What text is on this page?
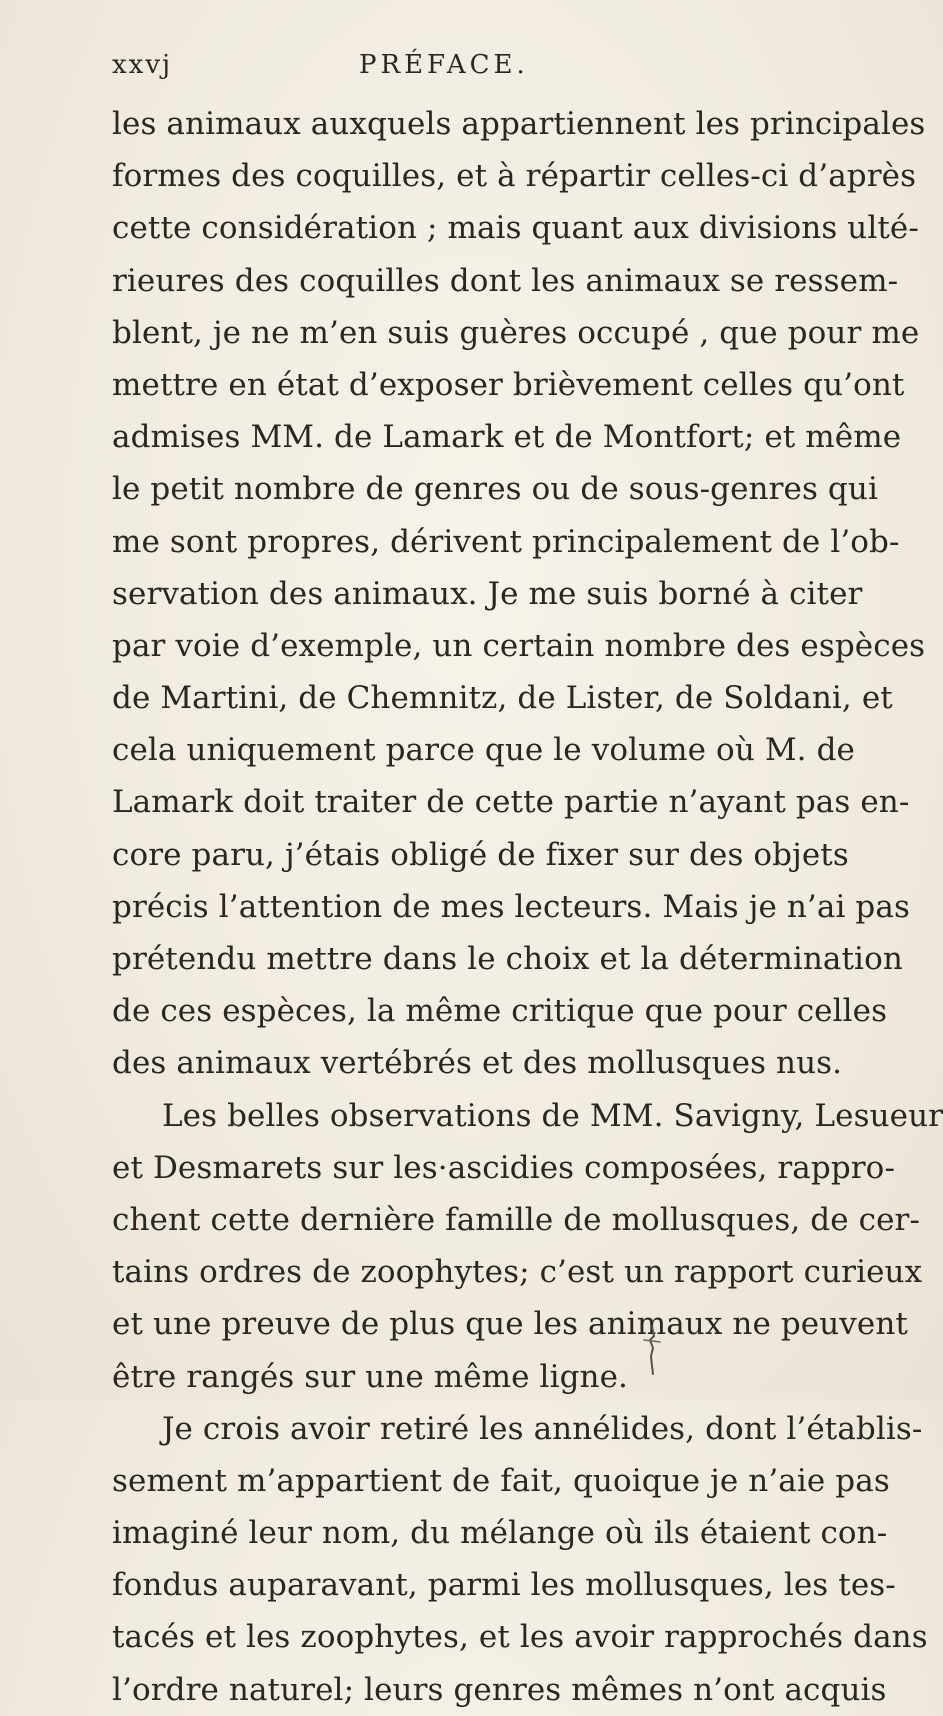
xxvj	PRÉFACE.
les animaux auxquels appartiennent les principales
formes des coquilles, et à répartir celles-ci d’après
cette considération ; mais quant aux divisions ulté-
rieures des coquilles dont les animaux se ressem-
blent, je ne m’en suis guères occupé , que pour me
mettre en état d’exposer brièvement celles qu’ont
admises MM. de Lamark et de Montfort; et même
le petit nombre de genres ou de sous-genres qui
me sont propres, dérivent principalement de l’ob-
servation des animaux. Je me suis borné à citer
par voie d’exemple, un certain nombre des espèces
de Martini, de Chemnitz, de Lister, de Soldani, et
cela uniquement parce que le volume où M. de
Lamark doit traiter de cette partie n’ayant pas en-
core paru, j’étais obligé de fixer sur des objets
précis l’attention de mes lecteurs. Mais je n’ai pas
prétendu mettre dans le choix et la détermination
de ces espèces, la même critique que pour celles
des animaux vertébrés et des mollusques nus.
Les belles observations de MM. Savigny, Lesueur
et Desmarets sur les·ascidies composées, rappro-
chent cette dernière famille de mollusques, de cer-
tains ordres de zoophytes; c’est un rapport curieux
et une preuve de plus que les animaux ne peuvent
être rangés sur une même ligne.
Je crois avoir retiré les annélides, dont l’établis-
sement m’appartient de fait, quoique je n’aie pas
imaginé leur nom, du mélange où ils étaient con-
fondus auparavant, parmi les mollusques, les tes-
tacés et les zoophytes, et les avoir rapprochés dans
l’ordre naturel; leurs genres mêmes n’ont acquis
